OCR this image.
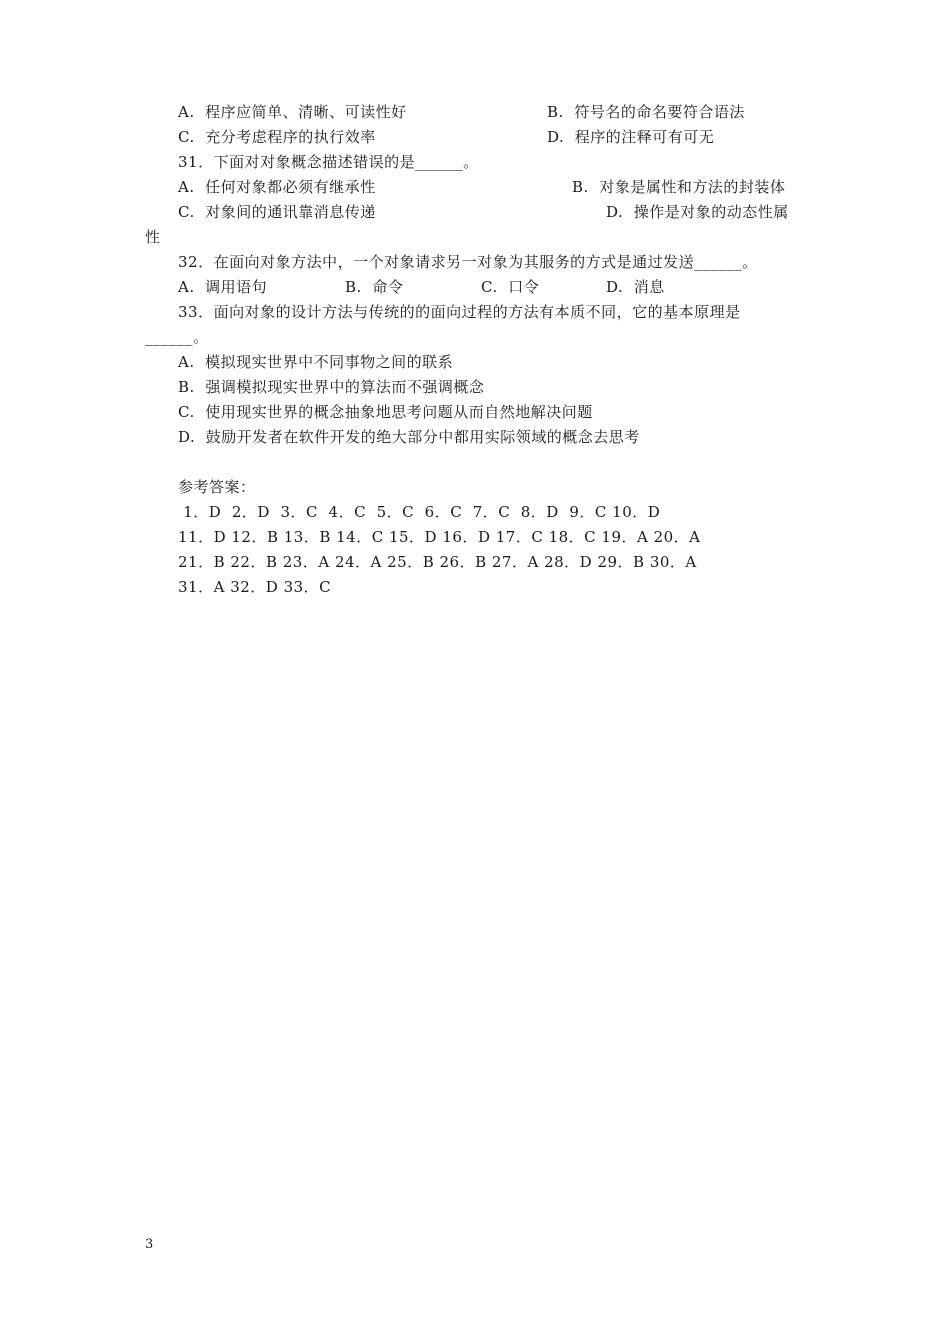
A.  程序应简单、清晰、可读性好	B.  符号名的命名要符合语法
C.  充分考虑程序的执行效率	D.  程序的注释可有可无
31．下面对对象概念描述错误的是______。
A.  任何对象都必须有继承性	B.  对象是属性和方法的封装体
C.  对象间的通讯靠消息传递	D.  操作是对象的动态性属
性
32．在面向对象方法中，一个对象请求另一对象为其服务的方式是通过发送______。
A.  调用语句	B.  命令	C.  口令	D.  消息
33．面向对象的设计方法与传统的的面向过程的方法有本质不同，它的基本原理是
______。
A.  模拟现实世界中不同事物之间的联系
B.  强调模拟现实世界中的算法而不强调概念
C.  使用现实世界的概念抽象地思考问题从而自然地解决问题
D.  鼓励开发者在软件开发的绝大部分中都用实际领域的概念去思考
参考答案：
1．D  2．D  3．C  4．C  5．C  6．C  7．C  8．D  9．C 10．D
11．D 12．B 13．B 14．C 15．D 16．D 17．C 18．C 19．A 20．A
21．B 22．B 23．A 24．A 25．B 26．B 27．A 28．D 29．B 30．A
31．A 32．D 33．C
3
